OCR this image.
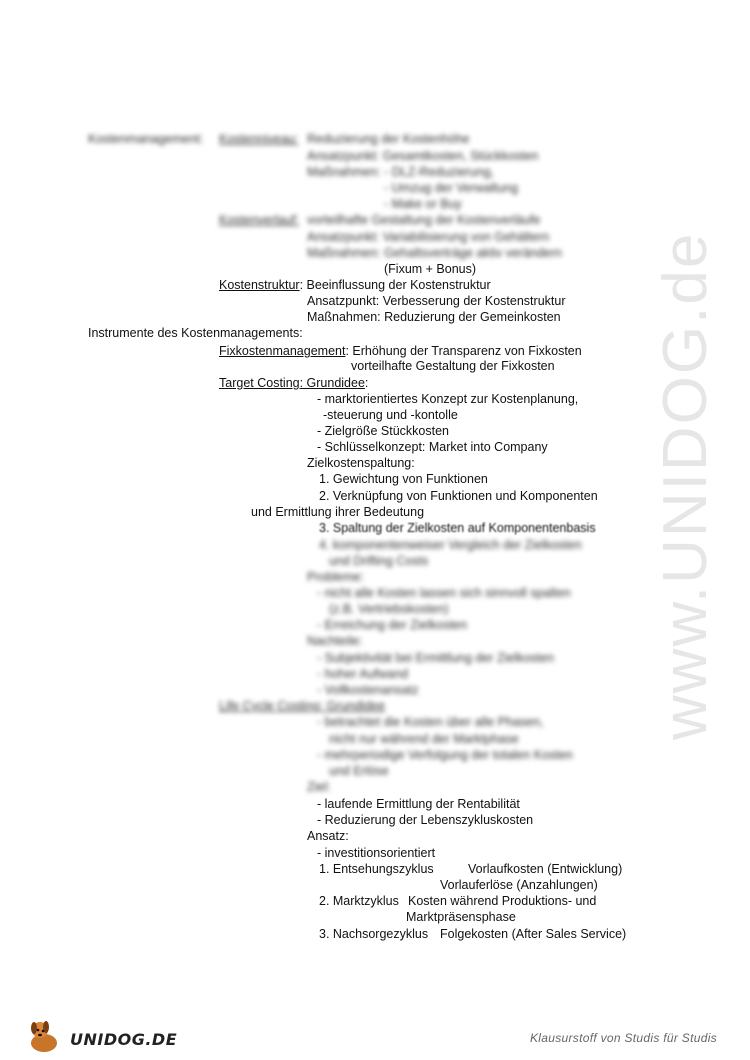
www.UNIDOG.de
Kostenmanagement: Kostenniveau: Reduzierung der Kostenhöhe
Ansatzpunkt: Gesamtkosten, Stückkosten
Maßnahmen: - DLZ-Reduzierung,
- Umzug der Verwaltung
- Make or Buy
Kostenverlauf: vorteilhafte Gestaltung der Kostenverläufe
Ansatzpunkt: Variabilisierung von Gehältern
Maßnahmen: Gehaltsverträge aktiv verändern
(Fixum + Bonus)
Kostenstruktur: Beeinflussung der Kostenstruktur
Ansatzpunkt: Verbesserung der Kostenstruktur
Maßnahmen: Reduzierung der Gemeinkosten
Instrumente des Kostenmanagements:
Fixkostenmanagement: Erhöhung der Transparenz von Fixkosten
vorteilhafte Gestaltung der Fixkosten
Target Costing: Grundidee:
- marktorientiertes Konzept zur Kostenplanung,
-steuerung und -kontolle
- Zielgröße Stückkosten
- Schlüsselkonzept: Market into Company
Zielkostenspaltung:
1. Gewichtung von Funktionen
2. Verknüpfung von Funktionen und Komponenten
und Ermittlung ihrer Bedeutung
3. Spaltung der Zielkosten auf Komponentenbasis
4. komponentenweiser Vergleich der Zielkosten
und Drifting Costs
Probleme:
- nicht alle Kosten lassen sich sinnvoll spalten
(z.B. Vertriebskosten)
- Erreichung der Zielkosten
Nachteile:
- Subjektivität bei Ermittlung der Zielkosten
- hoher Aufwand
- Vollkostenansatz
Life Cycle Costing: Grundidee
- betrachtet die Kosten über alle Phasen,
nicht nur während der Marktphase
- mehrperiodige Verfolgung der totalen Kosten
und Erlöse
Ziel:
- laufende Ermittlung der Rentabilität
- Reduzierung der Lebenszykluskosten
Ansatz:
- investitionsorientiert
1. Entsehungszyklus	Vorlaufkosten (Entwicklung)
Vorlauferlöse (Anzahlungen)
2. Marktzyklus Kosten während Produktions- und
Marktpräsensphase
3. Nachsorgezyklus Folgekosten (After Sales Service)
UNIDOG.DE	Klausurstoff von Studis für Studis
